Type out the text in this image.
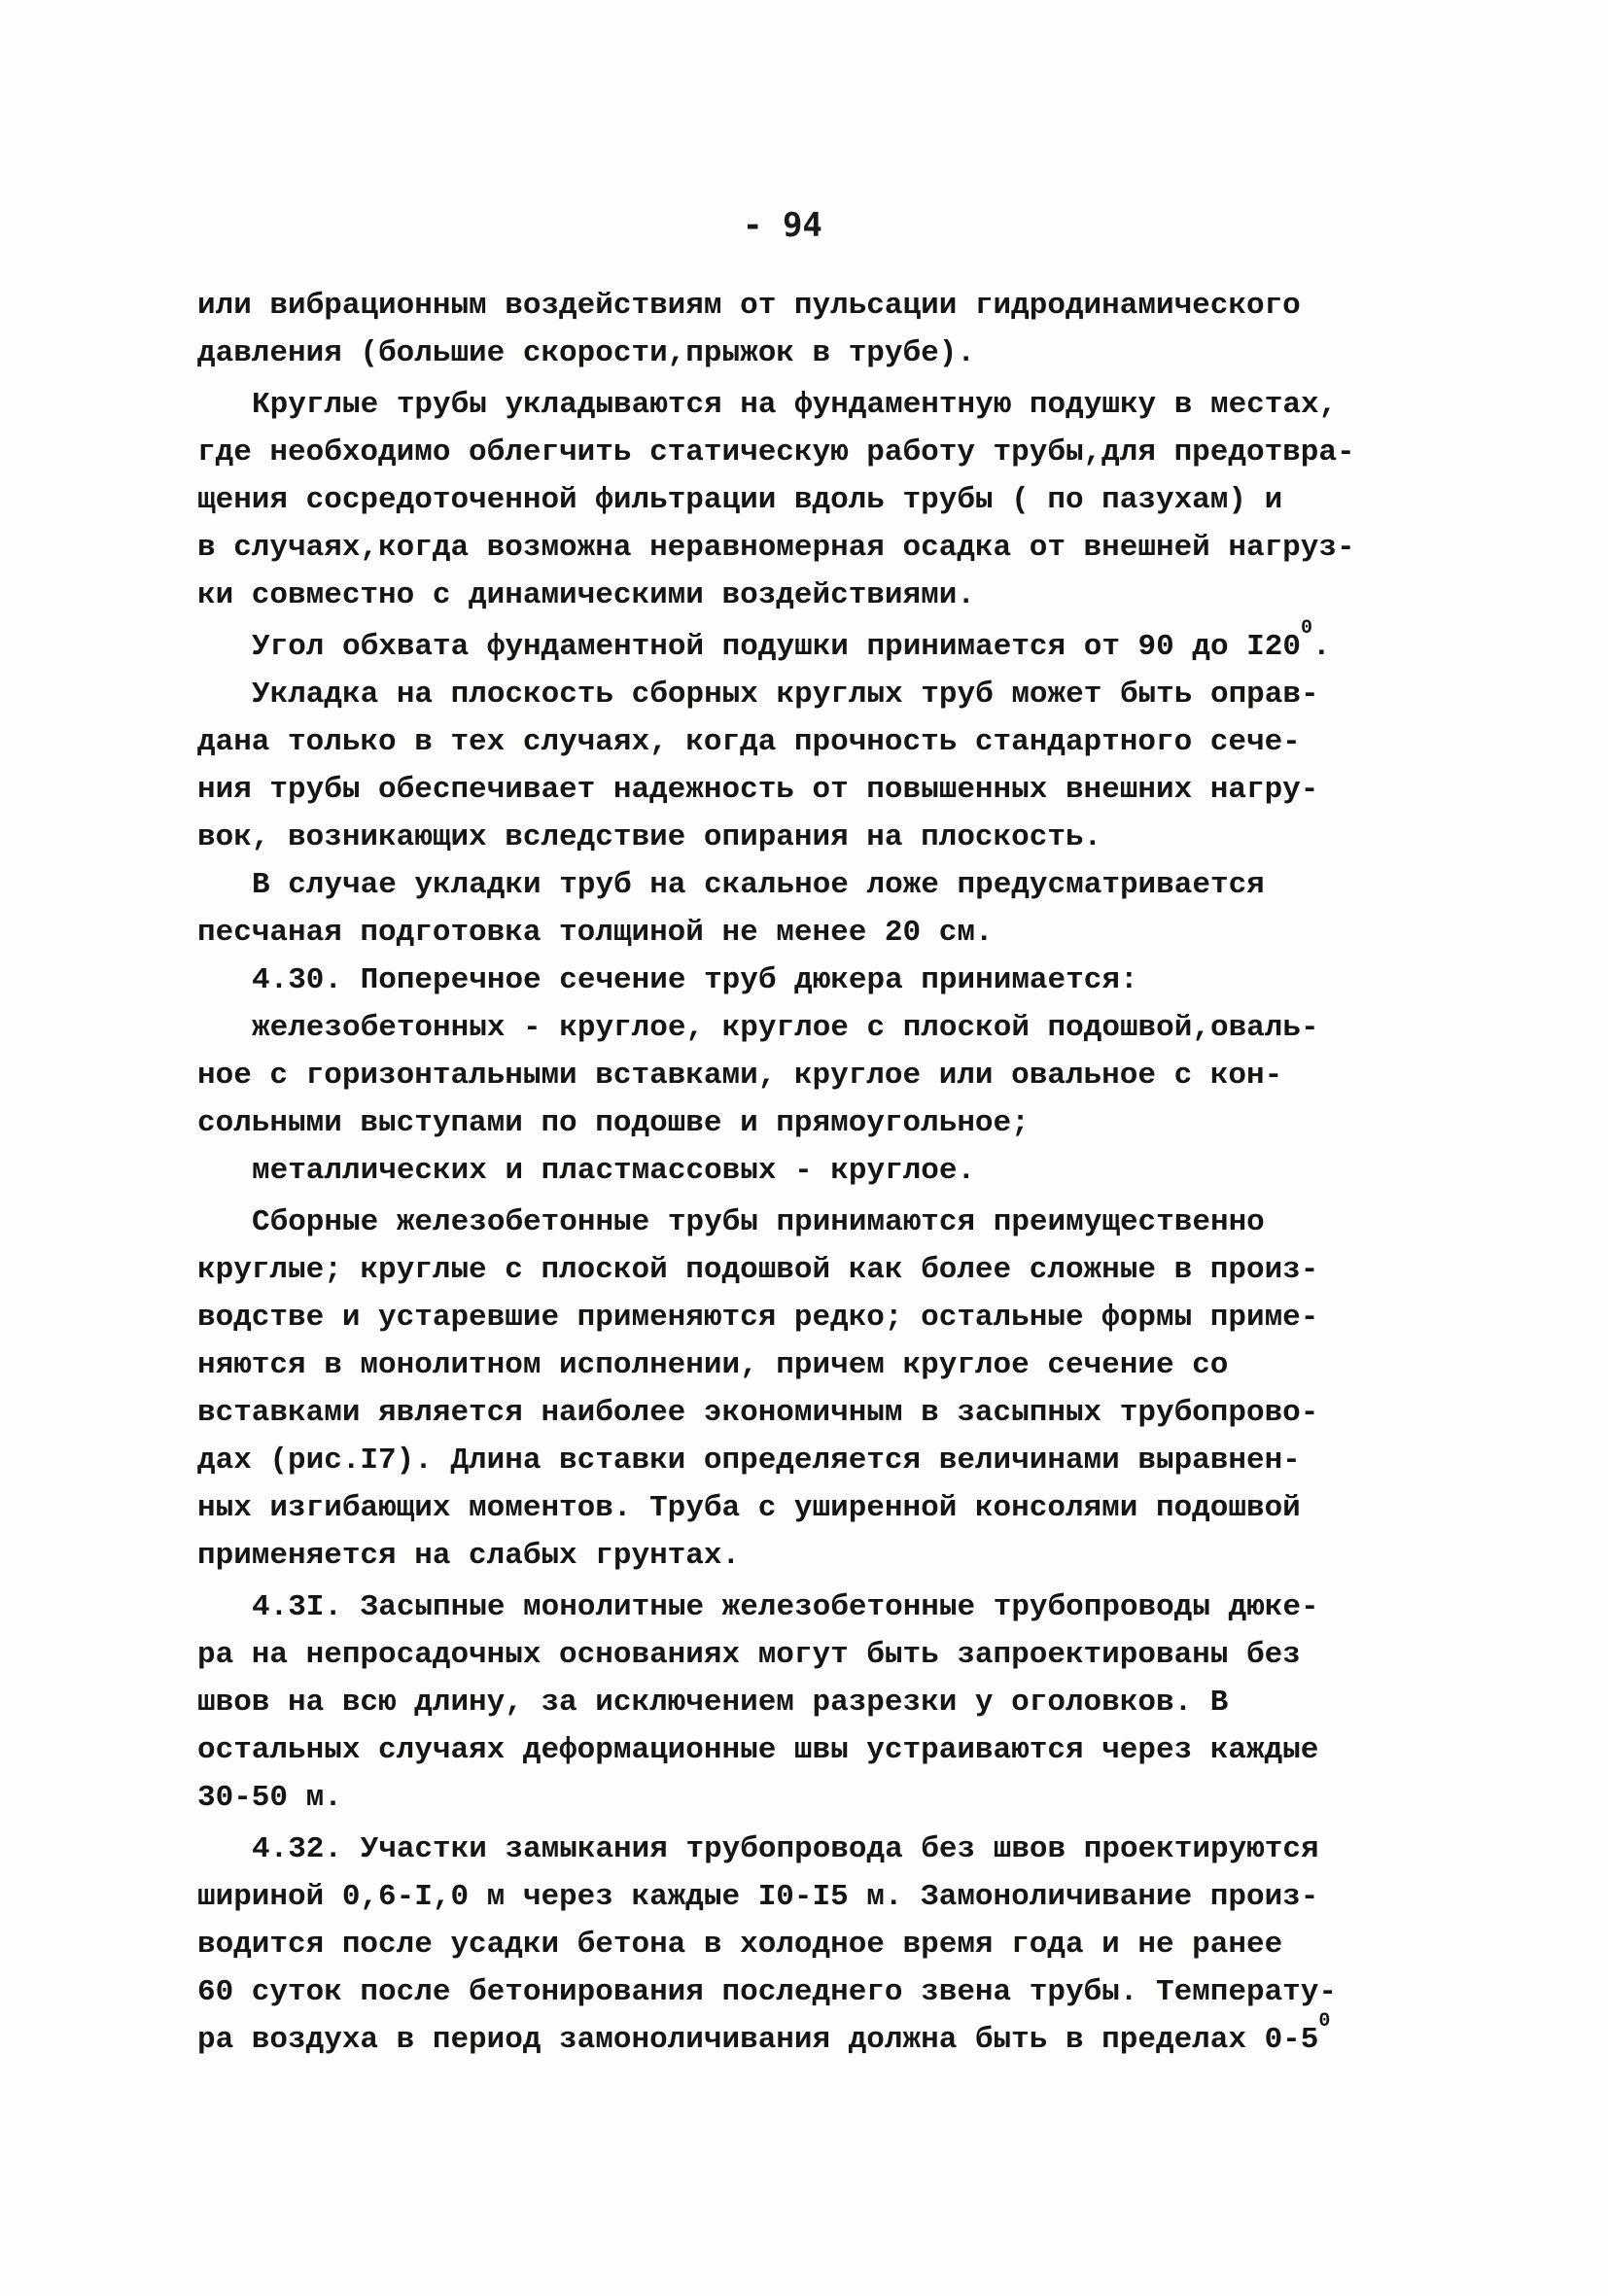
- 94
или вибрационным воздействиям от пульсации гидродинамического
давления (большие скорости,прыжок в трубе).
Круглые трубы укладываются на фундаментную подушку в местах,
где необходимо облегчить статическую работу трубы,для предотвра-
щения сосредоточенной фильтрации вдоль трубы ( по пазухам) и
в случаях,когда возможна неравномерная осадка от внешней нагруз-
ки совместно с динамическими воздействиями.
Угол обхвата фундаментной подушки принимается от 90 до $I20^0$.
Укладка на плоскость сборных круглых труб может быть оправ-
дана только в тех случаях, когда прочность стандартного сече-
ния трубы обеспечивает надежность от повышенных внешних нагру-
вок, возникающих вследствие опирания на плоскость.
В случае укладки труб на скальное ложе предусматривается
песчаная подготовка толщиной не менее 20 см.
4.30. Поперечное сечение труб дюкера принимается:
железобетонных - круглое, круглое с плоской подошвой,оваль-
ное с горизонтальными вставками, круглое или овальное с кон-
сольными выступами по подошве и прямоугольное;
металлических и пластмассовых - круглое.
Сборные железобетонные трубы принимаются преимущественно
круглые; круглые с плоской подошвой как более сложные в произ-
водстве и устаревшие применяются редко; остальные формы приме-
няются в монолитном исполнении, причем круглое сечение со
вставками является наиболее экономичным в засыпных трубопрово-
дах (рис.I7). Длина вставки определяется величинами выравнен-
ных изгибающих моментов. Труба с уширенной консолями подошвой
применяется на слабых грунтах.
4.3I. Засыпные монолитные железобетонные трубопроводы дюке-
ра на непросадочных основаниях могут быть запроектированы без
швов на всю длину, за исключением разрезки у оголовков. В
остальных случаях деформационные швы устраиваются через каждые
30-50 м.
4.32. Участки замыкания трубопровода без швов проектируются
шириной 0,6-I,0 м через каждые I0-I5 м. Замоноличивание произ-
водится после усадки бетона в холодное время года и не ранее
60 суток после бетонирования последнего звена трубы. Температу-
ра воздуха в период замоноличивания должна быть в пределах $0-5^0$
